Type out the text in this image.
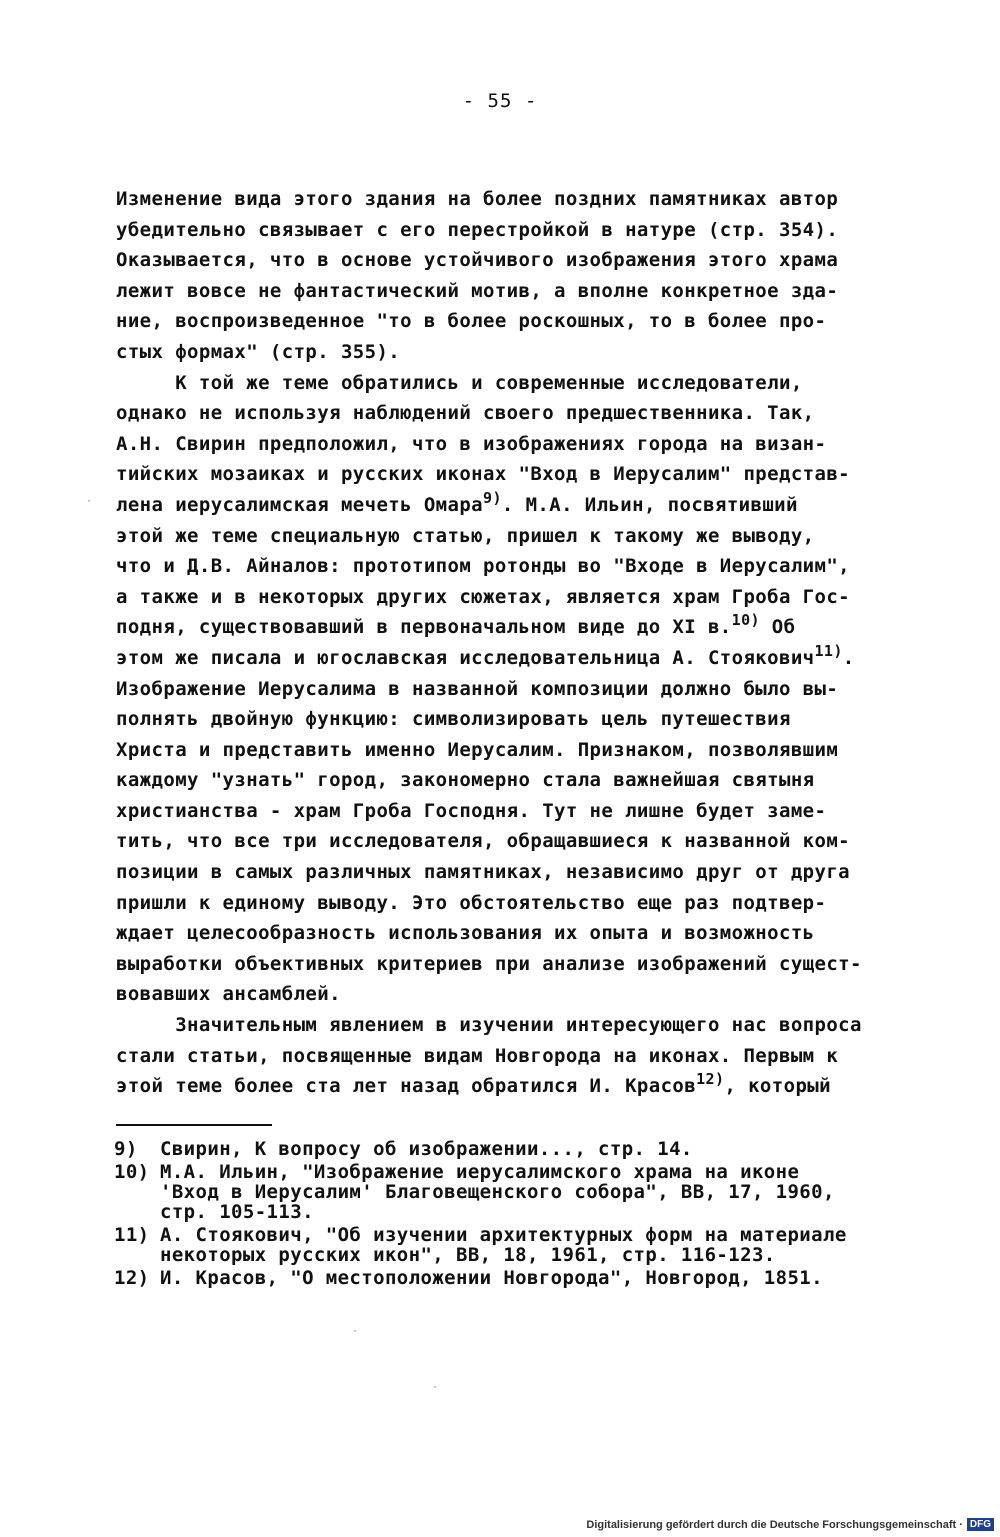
- 55 -
Изменение вида этого здания на более поздних памятниках автор
убедительно связывает с его перестройкой в натуре (стр. 354).
Оказывается, что в основе устойчивого изображения этого храма
лежит вовсе не фантастический мотив, а вполне конкретное зда-
ние, воспроизведенное "то в более роскошных, то в более про-
стых формах" (стр. 355).
К той же теме обратились и современные исследователи,
однако не используя наблюдений своего предшественника. Так,
А.Н. Свирин предположил, что в изображениях города на визан-
тийских мозаиках и русских иконах "Вход в Иерусалим" представ-
лена иерусалимская мечеть Омара$^{9)}$. М.А. Ильин, посвятивший
этой же теме специальную статью, пришел к такому же выводу,
что и Д.В. Айналов: прототипом ротонды во "Входе в Иерусалим",
а также и в некоторых других сюжетах, является храм Гроба Гос-
подня, существовавший в первоначальном виде до XI в.$^{10)}$ Об
этом же писала и югославская исследовательница А. Стоякович$^{11)}$.
Изображение Иерусалима в названной композиции должно было вы-
полнять двойную функцию: символизировать цель путешествия
Христа и представить именно Иерусалим. Признаком, позволявшим
каждому "узнать" город, закономерно стала важнейшая святыня
христианства - храм Гроба Господня. Тут не лишне будет заме-
тить, что все три исследователя, обращавшиеся к названной ком-
позиции в самых различных памятниках, независимо друг от друга
пришли к единому выводу. Это обстоятельство еще раз подтвер-
ждает целесообразность использования их опыта и возможность
выработки объективных критериев при анализе изображений сущест-
вовавших ансамблей.
Значительным явлением в изучении интересующего нас вопроса
стали статьи, посвященные видам Новгорода на иконах. Первым к
этой теме более ста лет назад обратился И. Красов$^{12)}$, который
9) Свирин, К вопросу об изображении..., стр. 14.
10) М.А. Ильин, "Изображение иерусалимского храма на иконе
'Вход в Иерусалим' Благовещенского собора", ВВ, 17, 1960,
стр. 105-113.
11) А. Стоякович, "Об изучении архитектурных форм на материале
некоторых русских икон", ВВ, 18, 1961, стр. 116-123.
12) И. Красов, "О местоположении Новгорода", Новгород, 1851.
·
·
·
Digitalisierung gefördert durch die Deutsche Forschungsgemeinschaft · DFG
